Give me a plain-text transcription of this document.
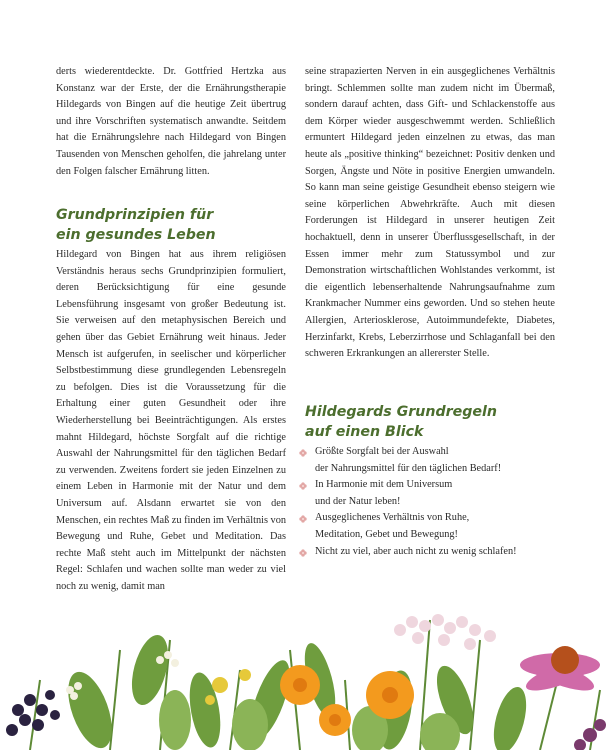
derts wiederentdeckte. Dr. Gottfried Hertzka aus Konstanz war der Erste, der die Ernährungstherapie Hildegards von Bingen auf die heutige Zeit übertrug und ihre Vorschriften systematisch anwandte. Seitdem hat die Ernährungslehre nach Hildegard von Bingen Tausenden von Menschen geholfen, die jahrelang unter den Folgen falscher Ernährung litten.

Grundprinzipien für
ein gesundes Leben

Hildegard von Bingen hat aus ihrem religiösen Verständnis heraus sechs Grundprinzipien formuliert, deren Berücksichtigung für eine gesunde Lebensführung insgesamt von großer Bedeutung ist. Sie verweisen auf den metaphysischen Bereich und gehen über das Gebiet Ernährung weit hinaus. Jeder Mensch ist aufgerufen, in seelischer und körperlicher Selbstbestimmung diese grundlegenden Lebensregeln zu befolgen. Dies ist die Voraussetzung für die Erhaltung einer guten Gesundheit oder ihre Wiederherstellung bei Beeinträchtigungen. Als erstes mahnt Hildegard, höchste Sorgfalt auf die richtige Auswahl der Nahrungsmittel für den täglichen Bedarf zu verwenden. Zweitens fordert sie jeden Einzelnen zu einem Leben in Harmonie mit der Natur und dem Universum auf. Alsdann erwartet sie von den Menschen, ein rechtes Maß zu finden im Verhältnis von Bewegung und Ruhe, Gebet und Meditation. Das rechte Maß steht auch im Mittelpunkt der nächsten Regel: Schlafen und wachen sollte man weder zu viel noch zu wenig, damit man

seine strapazierten Nerven in ein ausgeglichenes Verhältnis bringt. Schlemmen sollte man zudem nicht im Übermaß, sondern darauf achten, dass Gift- und Schlackenstoffe aus dem Körper wieder ausgeschwemmt werden. Schließlich ermuntert Hildegard jeden einzelnen zu etwas, das man heute als „positive thinking“ bezeichnet: Positiv denken und Sorgen, Ängste und Nöte in positive Energien umwandeln. So kann man seine geistige Gesundheit ebenso steigern wie seine körperlichen Abwehrkräfte. Auch mit diesen Forderungen ist Hildegard in unserer heutigen Zeit hochaktuell, denn in unserer Überflussgesellschaft, in der Essen immer mehr zum Statussymbol und zur Demonstration wirtschaftlichen Wohlstandes verkommt, ist die eigentlich lebenserhaltende Nahrungsaufnahme zum Krankmacher Nummer eins geworden. Und so stehen heute Allergien, Arteriosklerose, Autoimmundefekte, Diabetes, Herzinfarkt, Krebs, Leberzirrhose und Schlaganfall bei den schweren Erkrankungen an allererster Stelle.

Hildegards Grundregeln
auf einen Blick
Größte Sorgfalt bei der Auswahl
der Nahrungsmittel für den täglichen Bedarf!
In Harmonie mit dem Universum
und der Natur leben!
Ausgeglichenes Verhältnis von Ruhe,
Meditation, Gebet und Bewegung!
Nicht zu viel, aber auch nicht zu wenig schlafen!
